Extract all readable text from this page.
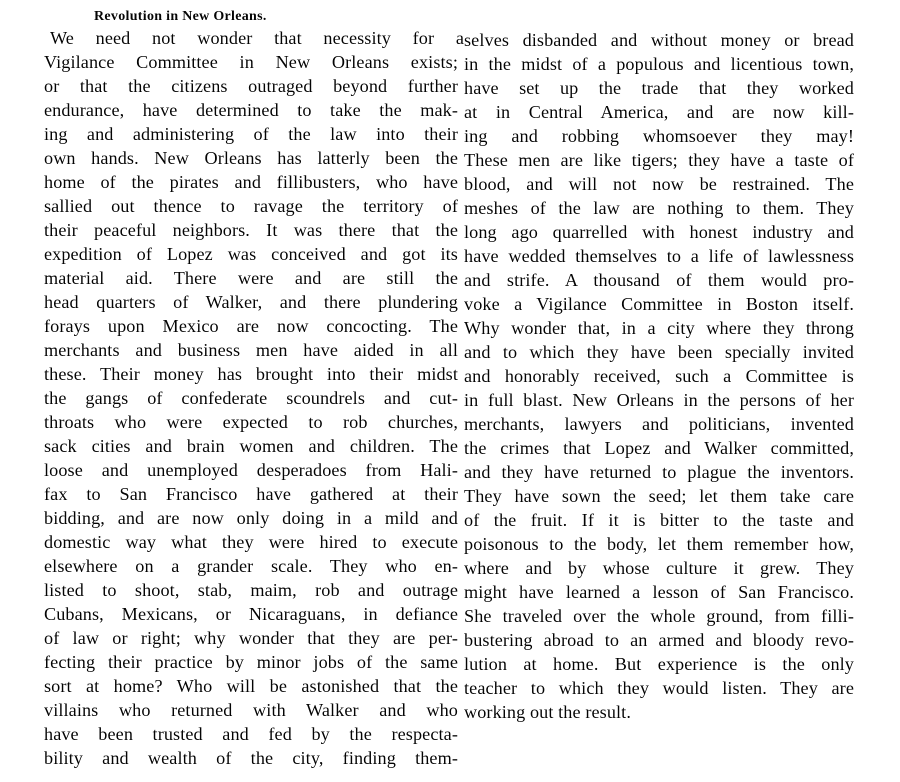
Revolution in New Orleans.
We need not wonder that necessity for a
Vigilance Committee in New Orleans exists;
or that the citizens outraged beyond further
endurance, have determined to take the mak-
ing and administering of the law into their
own hands. New Orleans has latterly been the
home of the pirates and fillibusters, who have
sallied out thence to ravage the territory of
their peaceful neighbors. It was there that the
expedition of Lopez was conceived and got its
material aid. There were and are still the
head quarters of Walker, and there plundering
forays upon Mexico are now concocting. The
merchants and business men have aided in all
these. Their money has brought into their midst
the gangs of confederate scoundrels and cut-
throats who were expected to rob churches,
sack cities and brain women and children. The
loose and unemployed desperadoes from Hali-
fax to San Francisco have gathered at their
bidding, and are now only doing in a mild and
domestic way what they were hired to execute
elsewhere on a grander scale. They who en-
listed to shoot, stab, maim, rob and outrage
Cubans, Mexicans, or Nicaraguans, in defiance
of law or right; why wonder that they are per-
fecting their practice by minor jobs of the same
sort at home? Who will be astonished that the
villains who returned with Walker and who
have been trusted and fed by the respecta-
bility and wealth of the city, finding them-
selves disbanded and without money or bread
in the midst of a populous and licentious town,
have set up the trade that they worked
at in Central America, and are now kill-
ing and robbing whomsoever they may!
These men are like tigers; they have a taste of
blood, and will not now be restrained. The
meshes of the law are nothing to them. They
long ago quarrelled with honest industry and
have wedded themselves to a life of lawlessness
and strife. A thousand of them would pro-
voke a Vigilance Committee in Boston itself.
Why wonder that, in a city where they throng
and to which they have been specially invited
and honorably received, such a Committee is
in full blast. New Orleans in the persons of her
merchants, lawyers and politicians, invented
the crimes that Lopez and Walker committed,
and they have returned to plague the inventors.
They have sown the seed; let them take care
of the fruit. If it is bitter to the taste and
poisonous to the body, let them remember how,
where and by whose culture it grew. They
might have learned a lesson of San Francisco.
She traveled over the whole ground, from filli-
bustering abroad to an armed and bloody revo-
lution at home. But experience is the only
teacher to which they would listen. They are
working out the result.
